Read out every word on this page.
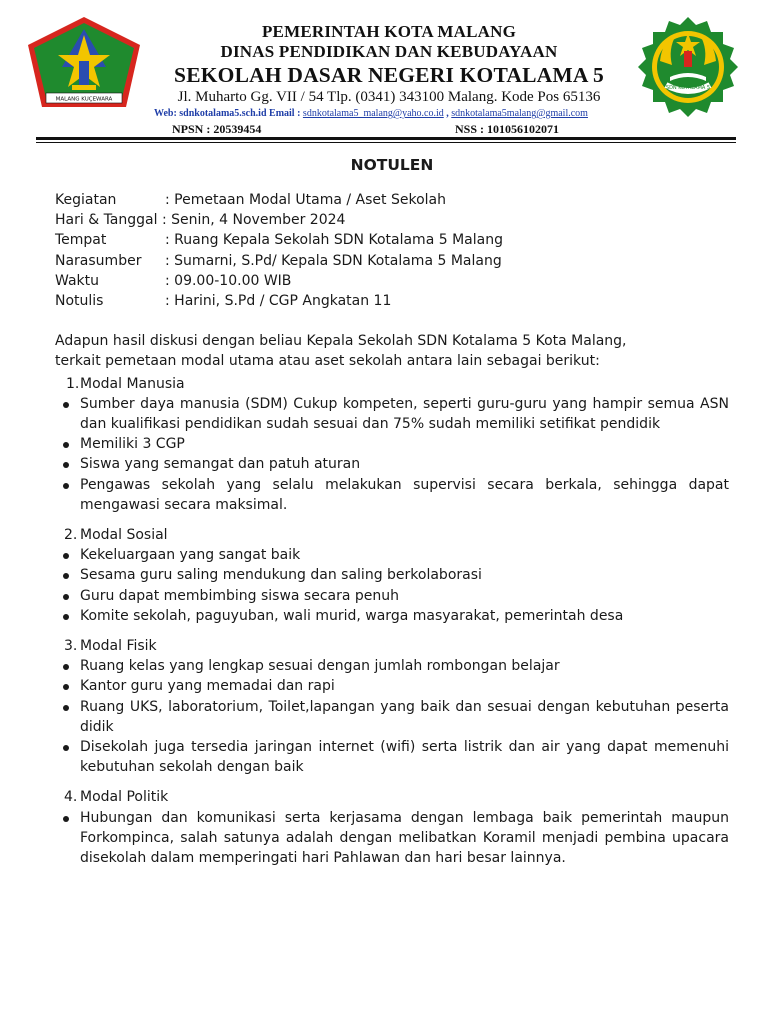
MALANG KUÇEWARA
PEMERINTAH KOTA MALANG
DINAS PENDIDIKAN DAN KEBUDAYAAN
SEKOLAH DASAR NEGERI KOTALAMA 5
Jl. Muharto Gg. VII / 54 Tlp. (0341) 343100 Malang. Kode Pos 65136
Web: sdnkotalama5.sch.id Email : sdnkotalama5_malang@yaho.co.id , sdnkotalama5malang@gmail.com
NPSN : 20539454	NSS : 101056102071
SDN KOTALAMA 5
NOTULEN
Kegiatan	: Pemetaan Modal Utama / Aset Sekolah
Hari & Tanggal : Senin, 4 November 2024
Tempat	: Ruang Kepala Sekolah SDN Kotalama 5 Malang
Narasumber : Sumarni, S.Pd/ Kepala SDN Kotalama 5 Malang
Waktu	: 09.00-10.00 WIB
Notulis	: Harini, S.Pd / CGP Angkatan 11
Adapun hasil diskusi dengan beliau Kepala Sekolah SDN Kotalama 5 Kota Malang,
terkait pemetaan modal utama atau aset sekolah antara lain sebagai berikut:
1. Modal Manusia
Sumber daya manusia (SDM) Cukup kompeten, seperti guru-guru yang hampir semua ASN dan kualifikasi pendidikan sudah sesuai dan 75% sudah memiliki setifikat pendidik
Memiliki 3 CGP
Siswa yang semangat dan patuh aturan
Pengawas sekolah yang selalu melakukan supervisi secara berkala, sehingga dapat mengawasi secara maksimal.
2. Modal Sosial
Kekeluargaan yang sangat baik
Sesama guru saling mendukung dan saling berkolaborasi
Guru dapat membimbing siswa secara penuh
Komite sekolah, paguyuban, wali murid, warga masyarakat, pemerintah desa
3. Modal Fisik
Ruang kelas yang lengkap sesuai dengan jumlah rombongan belajar
Kantor guru yang memadai dan rapi
Ruang UKS, laboratorium, Toilet,lapangan yang baik dan sesuai dengan kebutuhan peserta didik
Disekolah juga tersedia jaringan internet (wifi) serta listrik dan air yang dapat memenuhi kebutuhan sekolah dengan baik
4. Modal Politik
Hubungan dan komunikasi serta kerjasama dengan lembaga baik pemerintah maupun Forkompinca, salah satunya adalah dengan melibatkan Koramil menjadi pembina upacara disekolah dalam memperingati hari Pahlawan dan hari besar lainnya.
